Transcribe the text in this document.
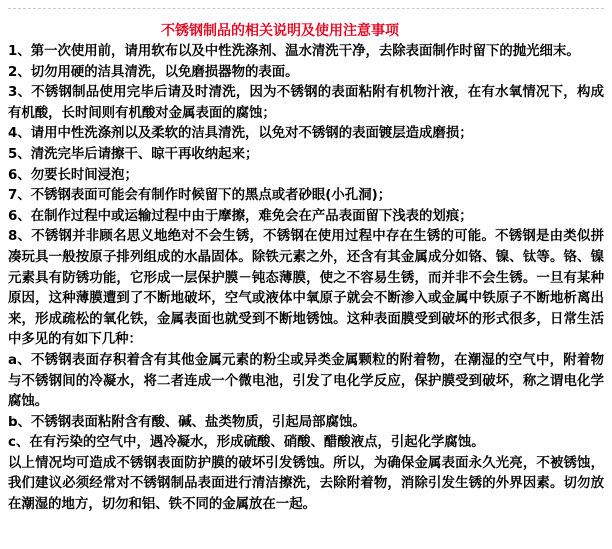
不锈钢制品的相关说明及使用注意事项

1、第一次使用前，请用软布以及中性洗涤剂、温水清洗干净，去除表面制作时留下的抛光细末。

2、切勿用硬的洁具清洗，以免磨损器物的表面。

3、不锈钢制品使用完毕后请及时清洗，因为不锈钢的表面粘附有机物汁液，在有水氧情况下，构成有机酸，长时间则有机酸对金属表面的腐蚀；

4、请用中性洗涤剂以及柔软的洁具清洗，以免对不锈钢的表面镀层造成磨损；

5、清洗完毕后请擦干、晾干再收纳起来；

6、勿要长时间浸泡；

7、不锈钢表面可能会有制作时候留下的黑点或者砂眼(小孔洞)；

6、在制作过程中或运输过程中由于摩擦，难免会在产品表面留下浅表的划痕；

8、不锈钢并非顾名思义地绝对不会生锈，不锈钢在使用过程中存在生锈的可能。不锈钢是由类似拼凑玩具一般按原子排列组成的水晶固体。除铁元素之外，还含有其金属成分如铬、镍、钛等。铬、镍元素具有防锈功能，它形成一层保护膜－钝态薄膜，使之不容易生锈，而并非不会生锈。一旦有某种原因，这种薄膜遭到了不断地破坏，空气或液体中氧原子就会不断渗入或金属中铁原子不断地析离出来，形成疏松的氧化铁，金属表面也就受到不断地锈蚀。这种表面膜受到破坏的形式很多，日常生活中多见的有如下几种：

a、不锈钢表面存积着含有其他金属元素的粉尘或异类金属颗粒的附着物，在潮湿的空气中，附着物与不锈钢间的冷凝水，将二者连成一个微电池，引发了电化学反应，保护膜受到破坏，称之谓电化学腐蚀。

b、不锈钢表面粘附含有酸、碱、盐类物质，引起局部腐蚀。

c、在有污染的空气中，遇冷凝水，形成硫酸、硝酸、醋酸液点，引起化学腐蚀。

以上情况均可造成不锈钢表面防护膜的破坏引发锈蚀。所以，为确保金属表面永久光亮，不被锈蚀，我们建议必须经常对不锈钢制品表面进行清洁擦洗，去除附着物，消除引发生锈的外界因素。切勿放在潮湿的地方，切勿和铝、铁不同的金属放在一起。
